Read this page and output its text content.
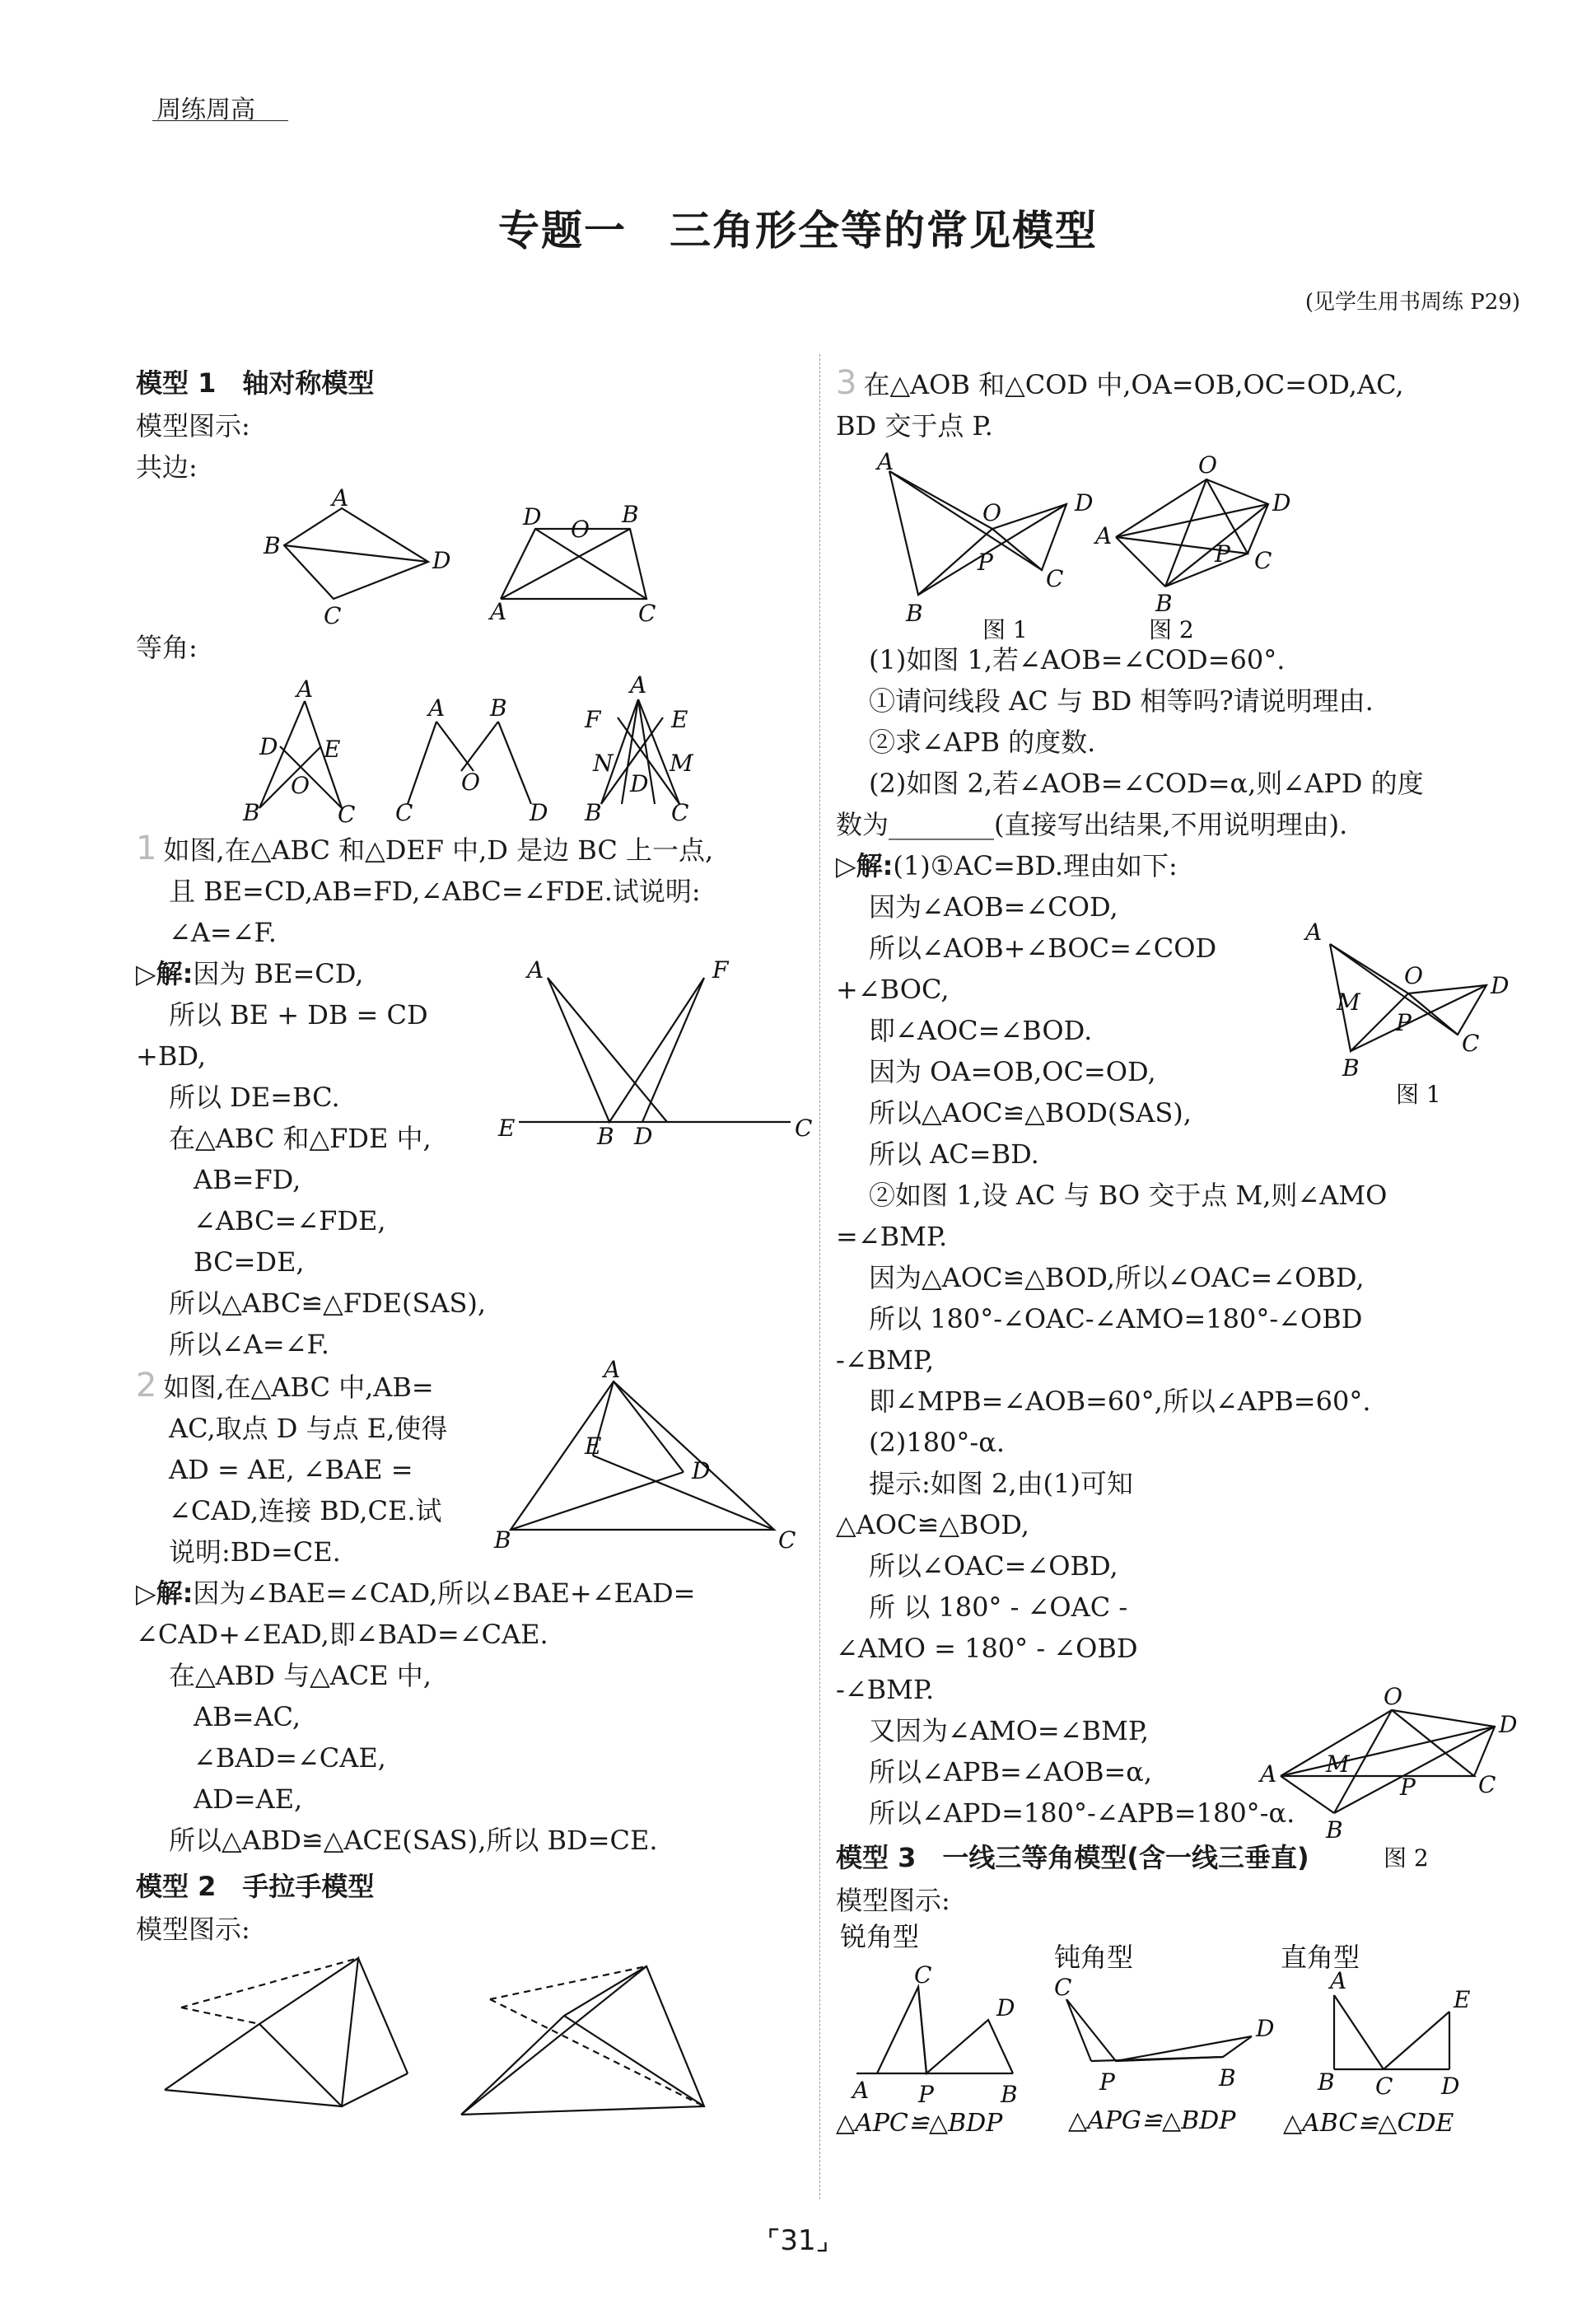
周练周高
专题一　三角形全等的常见模型
(见学生用书周练 P29)
模型 1　轴对称模型

模型图示:

共边:

A
B
D
C
D O
B
A	C

等角:

A
D E
O
B	C
A B
O
C	D
A
F	E
N M
D
B	C

1 如图,在△ABC 和△DEF 中,D 是边 BC 上一点,

且 BE=CD,AB=FD,∠ABC=∠FDE.试说明:

∠A=∠F.

A	F
E	B D	C

▷解:因为 BE=CD,

所以 BE + DB = CD

+BD,

所以 DE=BC.

在△ABC 和△FDE 中,

AB=FD,

∠ABC=∠FDE,

BC=DE,

所以△ABC≌△FDE(SAS),

所以∠A=∠F.

A
E
D
B	C

2 如图,在△ABC 中,AB=

AC,取点 D 与点 E,使得

AD = AE, ∠BAE =

∠CAD,连接 BD,CE.试

说明:BD=CE.

▷解:因为∠BAE=∠CAD,所以∠BAE+∠EAD=

∠CAD+∠EAD,即∠BAD=∠CAE.

在△ABD 与△ACE 中,

AB=AC,

∠BAD=∠CAE,

AD=AE,

所以△ABD≌△ACE(SAS),所以 BD=CE.

模型 2　手拉手模型

模型图示:

3 在△AOB 和△COD 中,OA=OB,OC=OD,AC,

BD 交于点 P.

A
O	D
P
C
B
图 1
O
D
A
P C
B
图 2

(1)如图 1,若∠AOB=∠COD=60°.

①请问线段 AC 与 BD 相等吗?请说明理由.

②求∠APB 的度数.

(2)如图 2,若∠AOB=∠COD=α,则∠APD 的度

数为________(直接写出结果,不用说明理由).

A
O	D
M
P
C
B
图 1
O
D
A M
P	C
B
图 2

▷解:(1)①AC=BD.理由如下:

因为∠AOB=∠COD,

所以∠AOB+∠BOC=∠COD

+∠BOC,

即∠AOC=∠BOD.

因为 OA=OB,OC=OD,

所以△AOC≌△BOD(SAS),

所以 AC=BD.

②如图 1,设 AC 与 BO 交于点 M,则∠AMO

=∠BMP.

因为△AOC≌△BOD,所以∠OAC=∠OBD,

所以 180°-∠OAC-∠AMO=180°-∠OBD

-∠BMP,

即∠MPB=∠AOB=60°,所以∠APB=60°.

(2)180°-α.

提示:如图 2,由(1)可知

△AOC≌△BOD,

所以∠OAC=∠OBD,

所 以 180° - ∠OAC -

∠AMO = 180° - ∠OBD

-∠BMP.

又因为∠AMO=∠BMP,

所以∠APB=∠AOB=α,

所以∠APD=180°-∠APB=180°-α.

模型 3　一线三等角模型(含一线三垂直)

模型图示:

锐角型
钝角型	直角型
C
D
A P	B
C
D
P	B
A
E
B C D
△APC≌△BDP	△APG≌△BDP △ABC≌△CDE
⌜31⌟
